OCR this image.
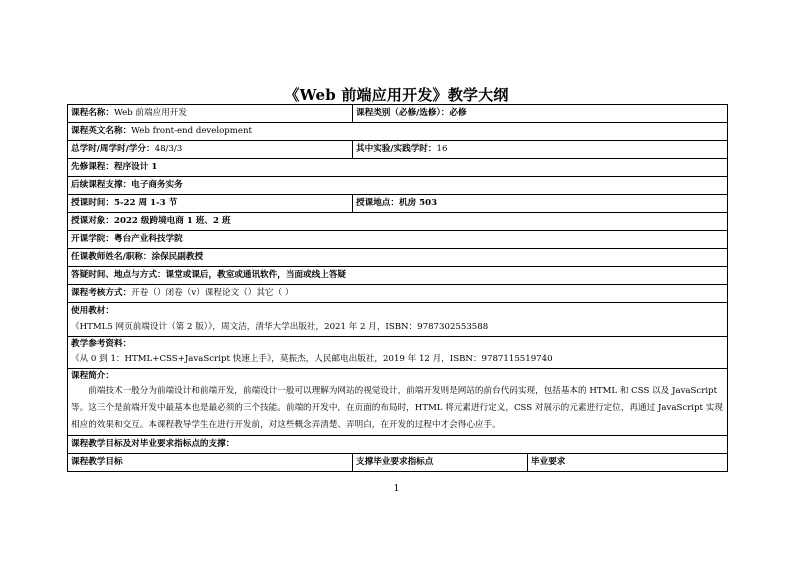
《Web 前端应用开发》教学大纲
课程名称：Web 前端应用开发	课程类别（必修/选修）：必修	
课程英文名称：Web front-end development		
总学时/周学时/学分：48/3/3	其中实验/实践学时：16	
先修课程：程序设计 1		
后续课程支撑：电子商务实务		
授课时间：5-22 周 1-3 节	授课地点：机房 503	
授课对象：2022 级跨境电商 1 班、2 班		
开课学院：粤台产业科技学院		
任课教师姓名/职称：涂保民副教授		
答疑时间、地点与方式：课堂或课后，教室或通讯软件，当面或线上答疑		
课程考核方式：开卷（）闭卷（v）课程论文（）其它（ ）		

使用教材：
《HTML5 网页前端设计（第 2 版）》，周文洁，清华大学出版社，2021 年 2 月，ISBN：9787302553588		

教学参考资料：
《从 0 到 1：HTML+CSS+JavaScript 快速上手》，莫振杰，人民邮电出版社，2019 年 12 月，ISBN：9787115519740		

课程简介：
前端技术一般分为前端设计和前端开发，前端设计一般可以理解为网站的视觉设计，前端开发则是网站的前台代码实现，包括基本的 HTML 和 CSS 以及 JavaScript 等。这三个是前端开发中最基本也是最必须的三个技能。前端的开发中，在页面的布局时，HTML 将元素进行定义，CSS 对展示的元素进行定位，再通过 JavaScript 实现相应的效果和交互。本课程教导学生在进行开发前，对这些概念弄清楚、弄明白，在开发的过程中才会得心应手。		

课程教学目标及对毕业要求指标点的支撑：		
课程教学目标	支撑毕业要求指标点	毕业要求
1
